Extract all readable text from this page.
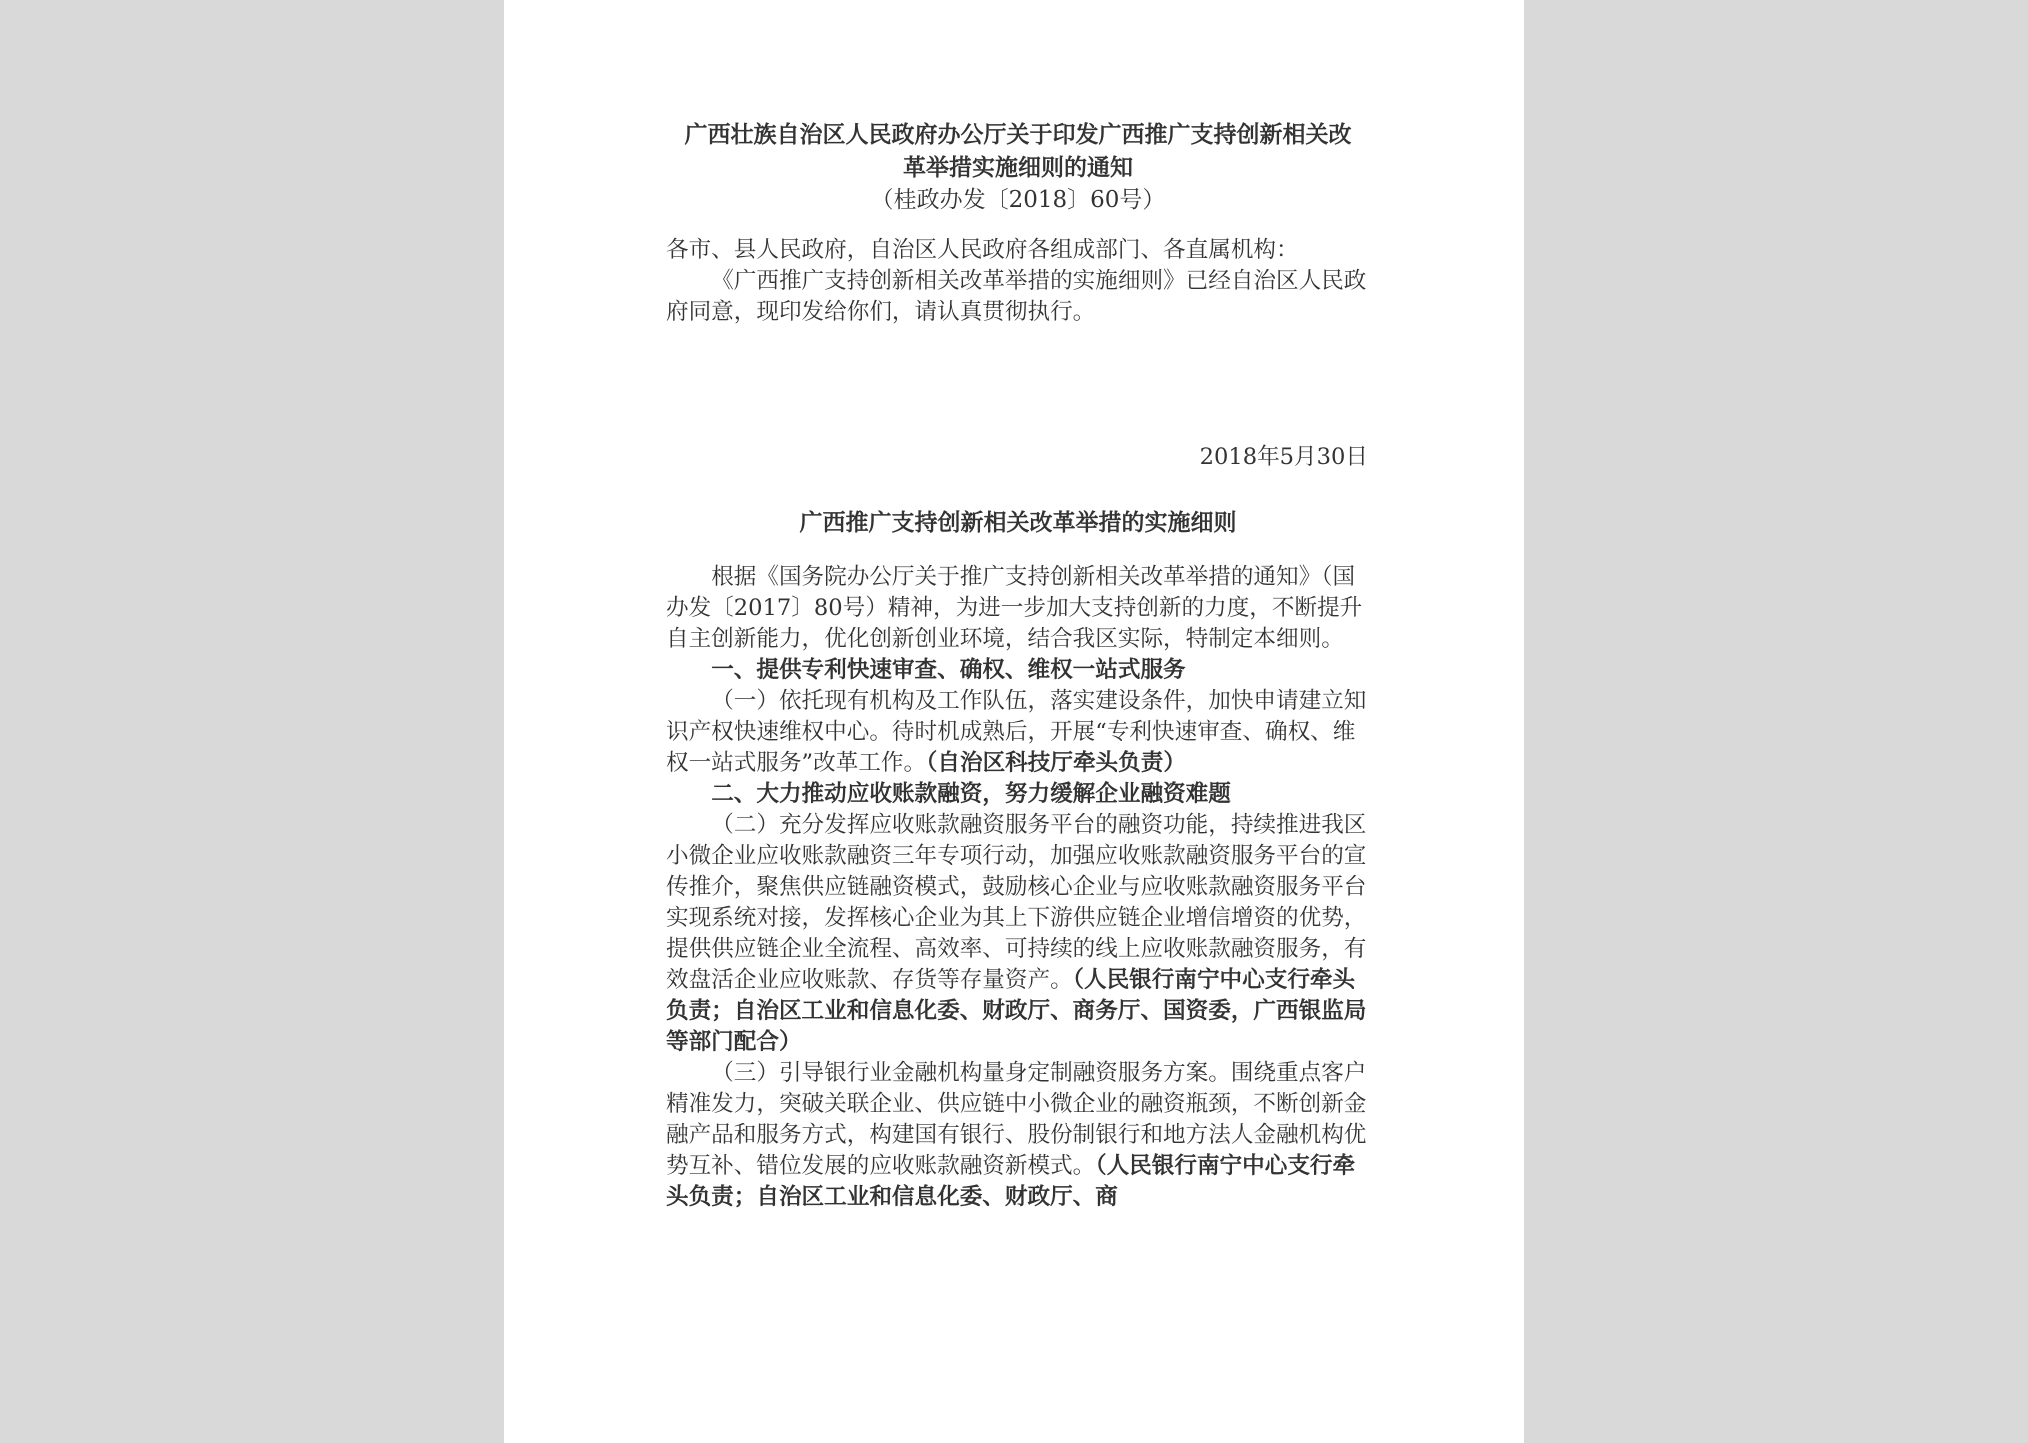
广西壮族自治区人民政府办公厅关于印发广西推广支持创新相关改
革举措实施细则的通知
（桂政办发〔2018〕60号）

各市、县人民政府，自治区人民政府各组成部门、各直属机构：

《广西推广支持创新相关改革举措的实施细则》已经自治区人民政府同意，现印发给你们，请认真贯彻执行。

2018年5月30日

广西推广支持创新相关改革举措的实施细则

根据《国务院办公厅关于推广支持创新相关改革举措的通知》（国办发〔2017〕80号）精神，为进一步加大支持创新的力度，不断提升自主创新能力，优化创新创业环境，结合我区实际，特制定本细则。

一、提供专利快速审查、确权、维权一站式服务

（一）依托现有机构及工作队伍，落实建设条件，加快申请建立知识产权快速维权中心。待时机成熟后，开展“专利快速审查、确权、维权一站式服务”改革工作。（自治区科技厅牵头负责）

二、大力推动应收账款融资，努力缓解企业融资难题

（二）充分发挥应收账款融资服务平台的融资功能，持续推进我区小微企业应收账款融资三年专项行动，加强应收账款融资服务平台的宣传推介，聚焦供应链融资模式，鼓励核心企业与应收账款融资服务平台实现系统对接，发挥核心企业为其上下游供应链企业增信增资的优势，提供供应链企业全流程、高效率、可持续的线上应收账款融资服务，有效盘活企业应收账款、存货等存量资产。（人民银行南宁中心支行牵头负责；自治区工业和信息化委、财政厅、商务厅、国资委，广西银监局等部门配合）

（三）引导银行业金融机构量身定制融资服务方案。围绕重点客户精准发力，突破关联企业、供应链中小微企业的融资瓶颈，不断创新金融产品和服务方式，构建国有银行、股份制银行和地方法人金融机构优势互补、错位发展的应收账款融资新模式。（人民银行南宁中心支行牵头负责；自治区工业和信息化委、财政厅、商
